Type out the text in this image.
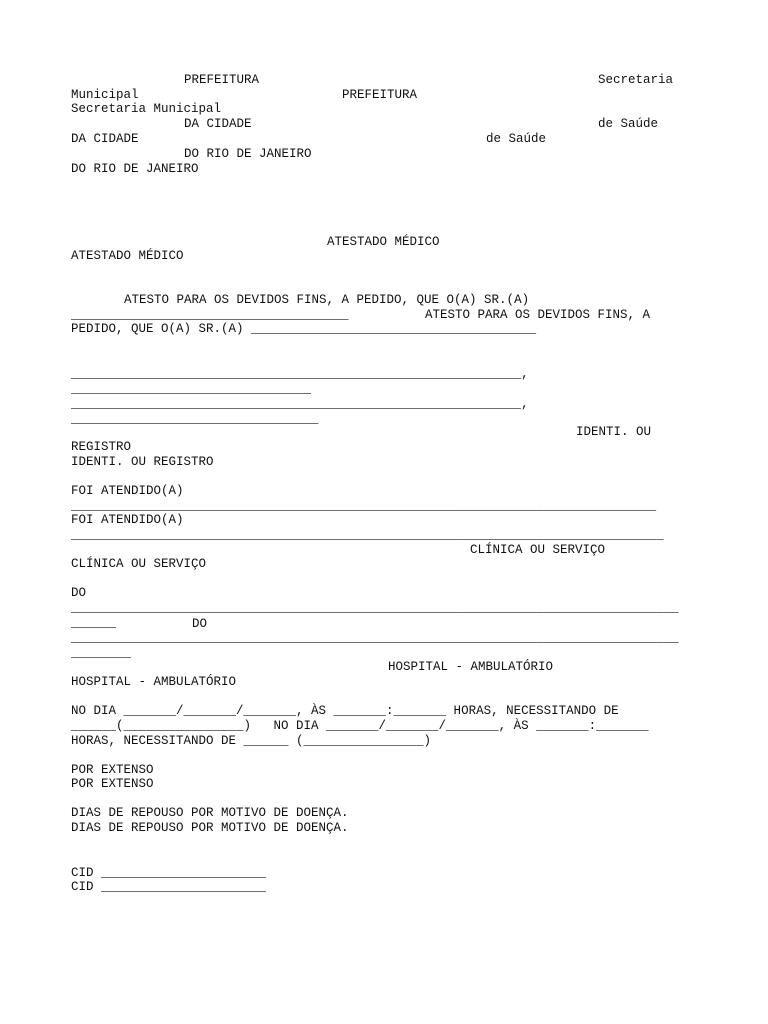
PREFEITURA	Secretaria
Municipal	PREFEITURA
Secretaria Municipal
DA CIDADE	de Saúde
DA CIDADE	de Saúde
DO RIO DE JANEIRO
DO RIO DE JANEIRO
ATESTADO MÉDICO
ATESTADO MÉDICO
ATESTO PARA OS DEVIDOS FINS, A PEDIDO, QUE O(A) SR.(A)
_____________________________________	ATESTO PARA OS DEVIDOS FINS, A
PEDIDO, QUE O(A) SR.(A) ______________________________________
____________________________________________________________,
________________________________
____________________________________________________________,
_________________________________
IDENTI. OU
REGISTRO
IDENTI. OU REGISTRO
FOI ATENDIDO(A)
______________________________________________________________________________
FOI ATENDIDO(A)
_______________________________________________________________________________
CLÍNICA OU SERVIÇO
CLÍNICA OU SERVIÇO
DO
_________________________________________________________________________________
______	DO
_________________________________________________________________________________
________
HOSPITAL - AMBULATÓRIO
HOSPITAL - AMBULATÓRIO
NO DIA _______/_______/_______, ÀS _______:_______ HORAS, NECESSITANDO DE
______(________________)   NO DIA _______/_______/_______, ÀS _______:_______
HORAS, NECESSITANDO DE ______ (________________)
POR EXTENSO
POR EXTENSO
DIAS DE REPOUSO POR MOTIVO DE DOENÇA.
DIAS DE REPOUSO POR MOTIVO DE DOENÇA.
CID ______________________
CID ______________________
